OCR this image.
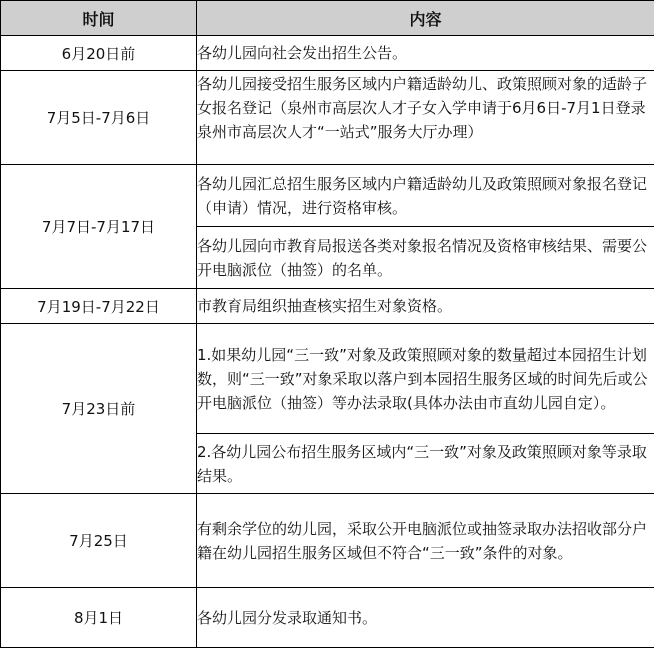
时间	内容
6月20日前	各幼儿园向社会发出招生公告。
7月5日-7月6日	各幼儿园接受招生服务区域内户籍适龄幼儿、政策照顾对象的适龄子女报名登记（泉州市高层次人才子女入学申请于6月6日-7月1日登录泉州市高层次人才“一站式”服务大厅办理）

7月7日-7月17日	各幼儿园汇总招生服务区域内户籍适龄幼儿及政策照顾对象报名登记（申请）情况，进行资格审核。
	各幼儿园向市教育局报送各类对象报名情况及资格审核结果、需要公开电脑派位（抽签）的名单。
7月19日-7月22日	市教育局组织抽查核实招生对象资格。
7月23日前	1.如果幼儿园“三一致”对象及政策照顾对象的数量超过本园招生计划数，则“三一致”对象采取以落户到本园招生服务区域的时间先后或公开电脑派位（抽签）等办法录取(具体办法由市直幼儿园自定）。
	2.各幼儿园公布招生服务区域内“三一致”对象及政策照顾对象等录取结果。
7月25日	有剩余学位的幼儿园，采取公开电脑派位或抽签录取办法招收部分户籍在幼儿园招生服务区域但不符合“三一致”条件的对象。
8月1日	各幼儿园分发录取通知书。
